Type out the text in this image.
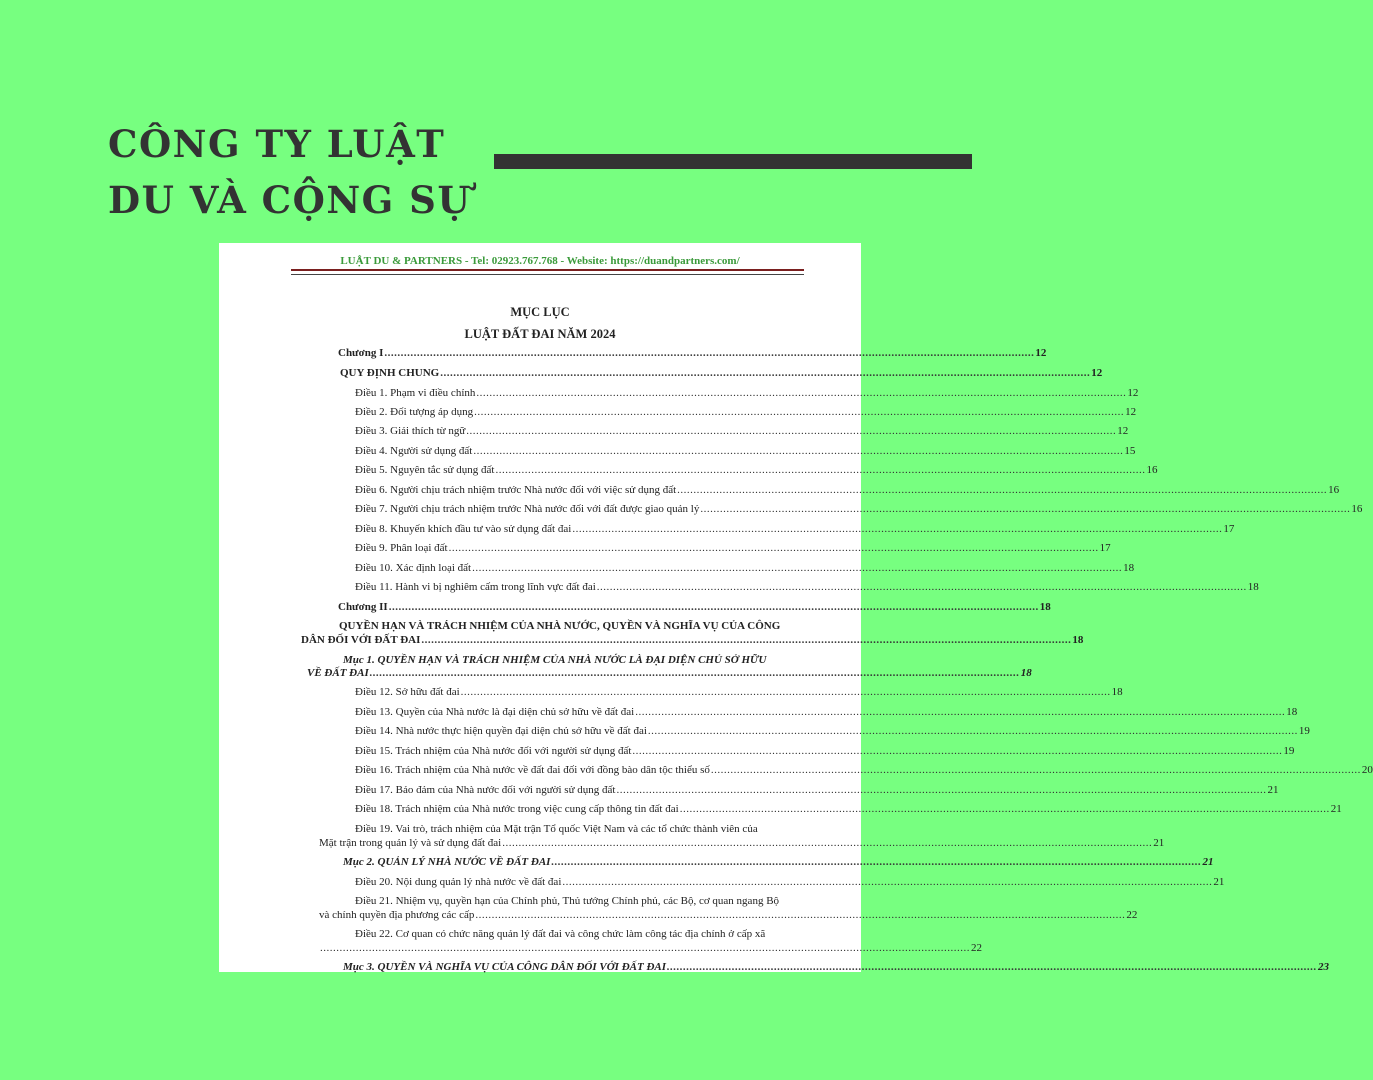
CÔNG TY LUẬT
DU VÀ CỘNG SỰ
LUẬT DU & PARTNERS - Tel: 02923.767.768 - Website: https://duandpartners.com/
MỤC LỤC
LUẬT ĐẤT ĐAI NĂM 2024
Chương I ........................................................................................................................................................................................................ 12
QUY ĐỊNH CHUNG ........................................................................................................................................................................................................ 12
Điều 1. Phạm vi điều chỉnh ........................................................................................................................................................................................................ 12
Điều 2. Đối tượng áp dụng ........................................................................................................................................................................................................ 12
Điều 3. Giải thích từ ngữ ........................................................................................................................................................................................................ 12
Điều 4. Người sử dụng đất ........................................................................................................................................................................................................ 15
Điều 5. Nguyên tắc sử dụng đất ........................................................................................................................................................................................................ 16
Điều 6. Người chịu trách nhiệm trước Nhà nước đối với việc sử dụng đất ........................................................................................................................................................................................................ 16
Điều 7. Người chịu trách nhiệm trước Nhà nước đối với đất được giao quản lý ........................................................................................................................................................................................................ 16
Điều 8. Khuyến khích đầu tư vào sử dụng đất đai ........................................................................................................................................................................................................ 17
Điều 9. Phân loại đất ........................................................................................................................................................................................................ 17
Điều 10. Xác định loại đất ........................................................................................................................................................................................................ 18
Điều 11. Hành vi bị nghiêm cấm trong lĩnh vực đất đai ........................................................................................................................................................................................................ 18
Chương II ........................................................................................................................................................................................................ 18
QUYỀN HẠN VÀ TRÁCH NHIỆM CỦA NHÀ NƯỚC, QUYỀN VÀ NGHĨA VỤ CỦA CÔNG
DÂN ĐỐI VỚI ĐẤT ĐAI ........................................................................................................................................................................................................ 18
Mục 1. QUYỀN HẠN VÀ TRÁCH NHIỆM CỦA NHÀ NƯỚC LÀ ĐẠI DIỆN CHỦ SỞ HỮU
VỀ ĐẤT ĐAI ........................................................................................................................................................................................................ 18
Điều 12. Sở hữu đất đai ........................................................................................................................................................................................................ 18
Điều 13. Quyền của Nhà nước là đại diện chủ sở hữu về đất đai ........................................................................................................................................................................................................ 18
Điều 14. Nhà nước thực hiện quyền đại diện chủ sở hữu về đất đai ........................................................................................................................................................................................................ 19
Điều 15. Trách nhiệm của Nhà nước đối với người sử dụng đất ........................................................................................................................................................................................................ 19
Điều 16. Trách nhiệm của Nhà nước về đất đai đối với đồng bào dân tộc thiểu số ........................................................................................................................................................................................................ 20
Điều 17. Bảo đảm của Nhà nước đối với người sử dụng đất ........................................................................................................................................................................................................ 21
Điều 18. Trách nhiệm của Nhà nước trong việc cung cấp thông tin đất đai ........................................................................................................................................................................................................ 21
Điều 19. Vai trò, trách nhiệm của Mặt trận Tổ quốc Việt Nam và các tổ chức thành viên của
Mặt trận trong quản lý và sử dụng đất đai ........................................................................................................................................................................................................ 21
Mục 2. QUẢN LÝ NHÀ NƯỚC VỀ ĐẤT ĐAI ........................................................................................................................................................................................................ 21
Điều 20. Nội dung quản lý nhà nước về đất đai ........................................................................................................................................................................................................ 21
Điều 21. Nhiệm vụ, quyền hạn của Chính phủ, Thủ tướng Chính phủ, các Bộ, cơ quan ngang Bộ
và chính quyền địa phương các cấp ........................................................................................................................................................................................................ 22
Điều 22. Cơ quan có chức năng quản lý đất đai và công chức làm công tác địa chính ở cấp xã
........................................................................................................................................................................................................ 22
Mục 3. QUYỀN VÀ NGHĨA VỤ CỦA CÔNG DÂN ĐỐI VỚI ĐẤT ĐAI ........................................................................................................................................................................................................ 23
